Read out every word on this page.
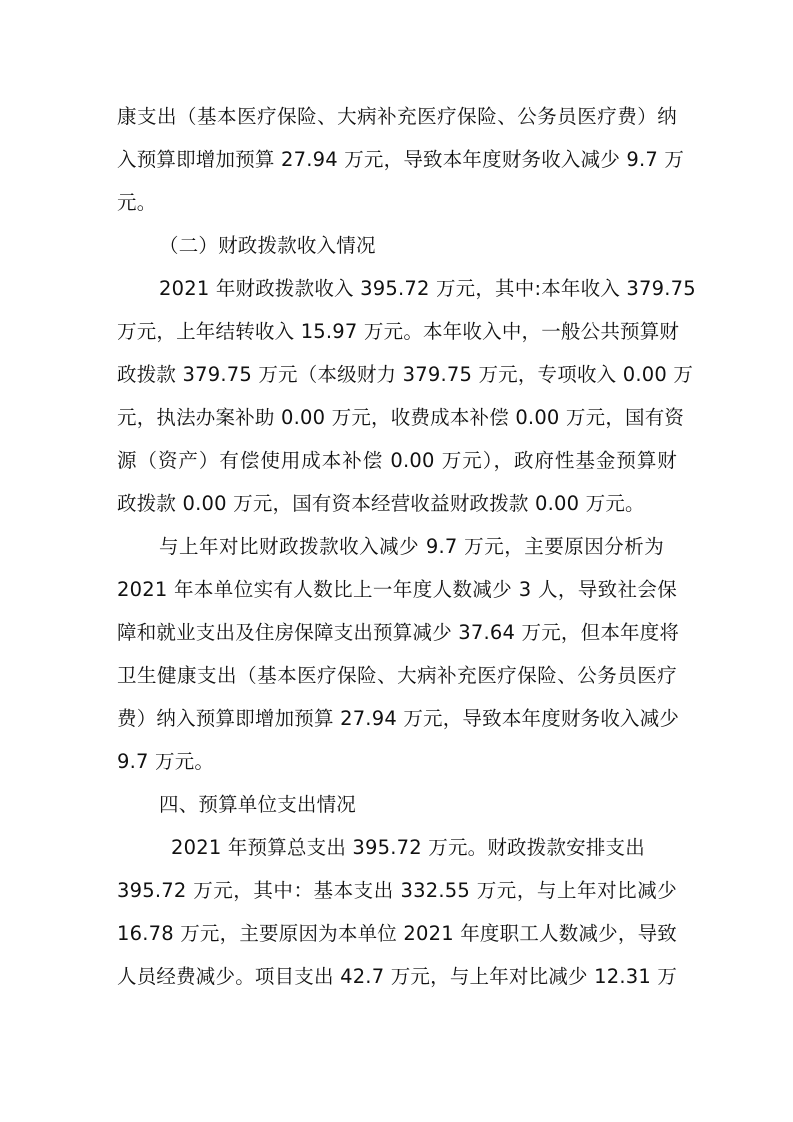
康支出（基本医疗保险、大病补充医疗保险、公务员医疗费）纳
入预算即增加预算 27.94 万元，导致本年度财务收入减少 9.7 万
元。
（二）财政拨款收入情况
2021 年财政拨款收入 395.72 万元，其中:本年收入 379.75
万元，上年结转收入 15.97 万元。本年收入中，一般公共预算财
政拨款 379.75 万元（本级财力 379.75 万元，专项收入 0.00 万
元，执法办案补助 0.00 万元，收费成本补偿 0.00 万元，国有资
源（资产）有偿使用成本补偿 0.00 万元），政府性基金预算财
政拨款 0.00 万元，国有资本经营收益财政拨款 0.00 万元。
与上年对比财政拨款收入减少 9.7 万元，主要原因分析为
2021 年本单位实有人数比上一年度人数减少 3 人，导致社会保
障和就业支出及住房保障支出预算减少 37.64 万元，但本年度将
卫生健康支出（基本医疗保险、大病补充医疗保险、公务员医疗
费）纳入预算即增加预算 27.94 万元，导致本年度财务收入减少
9.7 万元。
四、预算单位支出情况
2021 年预算总支出 395.72 万元。财政拨款安排支出
395.72 万元，其中：基本支出 332.55 万元，与上年对比减少
16.78 万元，主要原因为本单位 2021 年度职工人数减少，导致
人员经费减少。项目支出 42.7 万元，与上年对比减少 12.31 万
